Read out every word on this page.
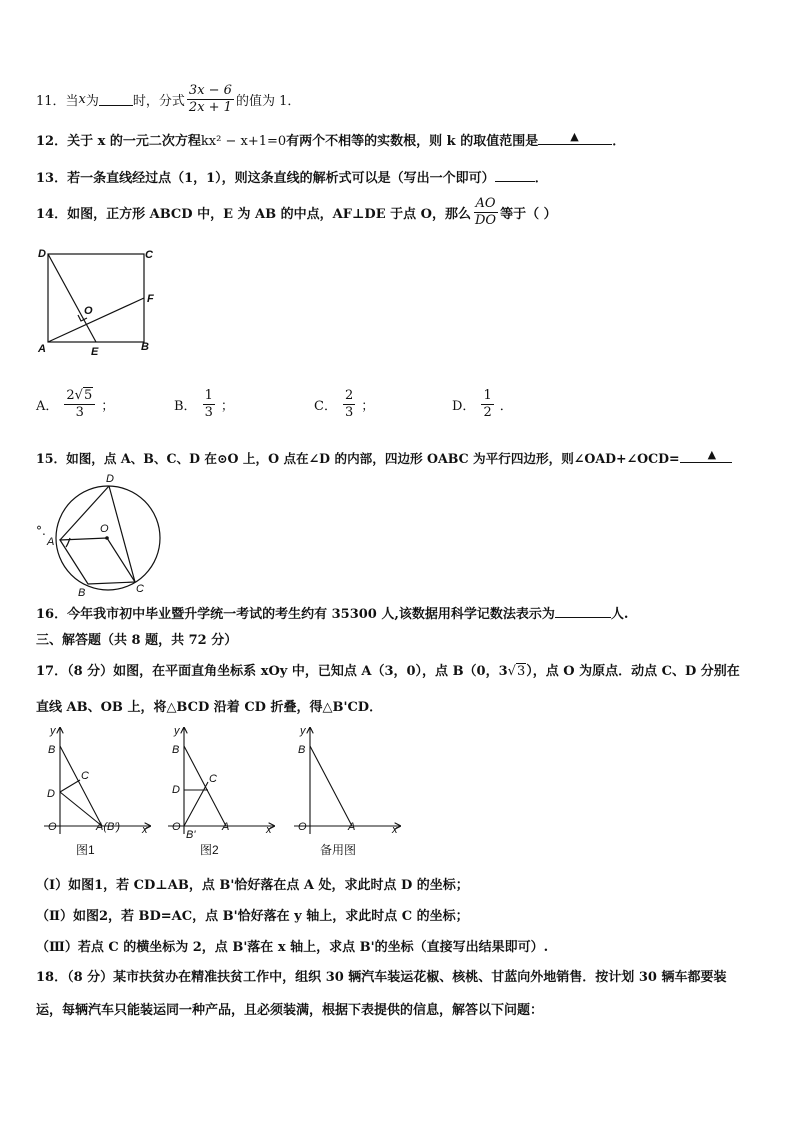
11．当 x 为	时，分式 $\frac{3x - 6}{2x + 1}$ 的值为 1．
12．关于 x 的一元二次方程kx² − x+1=0有两个不相等的实数根，则 k 的取值范围是	▲	．
13．若一条直线经过点（1，1），则这条直线的解析式可以是（写出一个即可）	．
14．如图，正方形 ABCD 中，E 为 AB 的中点，AF⊥DE 于点 O，那么 $\frac{AO}{DO}$ 等于（ ）
D	C
F
O
A	E	B
A． $\frac{2√5}{3}$ ；	B． $\frac{1}{3}$ ；	C． $\frac{2}{3}$ ；	D． $\frac{1}{2}$ ．
15．如图，点 A、B、C、D 在⊙O 上，O 点在∠D 的内部，四边形 OABC 为平行四边形，则∠OAD+∠OCD=	▲
°.
D
O
A
B	C
16．今年我市初中毕业暨升学统一考试的考生约有 35300 人,该数据用科学记数法表示为	人.
三、解答题（共 8 题，共 72 分）
17．（8 分）如图，在平面直角坐标系 xOy 中，已知点 A（3，0），点 B（0，3√3），点 O 为原点．动点 C、D 分别在
直线 AB、OB 上，将△BCD 沿着 CD 折叠，得△B'CD．
y
B
C
D
O	A(B') x
图1
y
B
C
D
O
B'
A	x
图2
y
B
O	A	x
备用图
（Ⅰ）如图1，若 CD⊥AB，点 B'恰好落在点 A 处，求此时点 D 的坐标；
（Ⅱ）如图2，若 BD=AC，点 B'恰好落在 y 轴上，求此时点 C 的坐标；
（Ⅲ）若点 C 的横坐标为 2，点 B'落在 x 轴上，求点 B'的坐标（直接写出结果即可）.
18．（8 分）某市扶贫办在精准扶贫工作中，组织 30 辆汽车装运花椒、核桃、甘蓝向外地销售．按计划 30 辆车都要装
运，每辆汽车只能装运同一种产品，且必须装满，根据下表提供的信息，解答以下问题：
